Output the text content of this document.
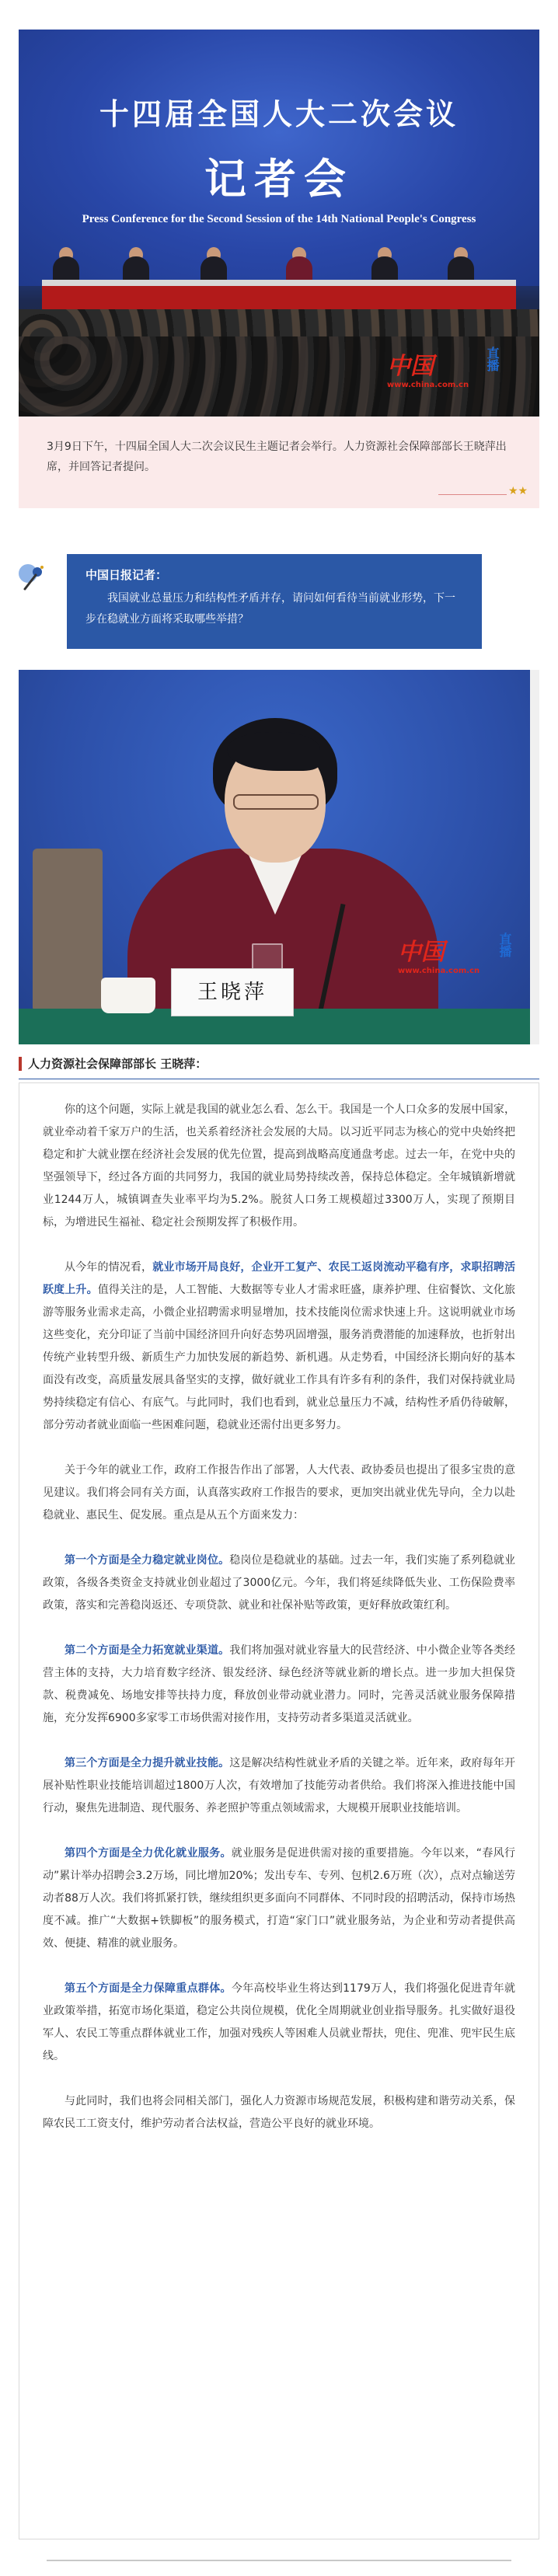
十四届全国人大二次会议
记者会
Press Conference for the Second Session of the 14th National People's Congress
中国
www.china.com.cn
直播

3月9日下午，十四届全国人大二次会议民生主题记者会举行。人力资源社会保障部部长王晓萍出席，并回答记者提问。

★★
中国日报记者：
我国就业总量压力和结构性矛盾并存，请问如何看待当前就业形势，下一步在稳就业方面将采取哪些举措？
王晓萍
中国
www.china.com.cn
直播
人力资源社会保障部部长 王晓萍：

你的这个问题，实际上就是我国的就业怎么看、怎么干。我国是一个人口众多的发展中国家，就业牵动着千家万户的生活，也关系着经济社会发展的大局。以习近平同志为核心的党中央始终把稳定和扩大就业摆在经济社会发展的优先位置，提高到战略高度通盘考虑。过去一年，在党中央的坚强领导下，经过各方面的共同努力，我国的就业局势持续改善，保持总体稳定。全年城镇新增就业1244万人，城镇调查失业率平均为5.2%。脱贫人口务工规模超过3300万人，实现了预期目标，为增进民生福祉、稳定社会预期发挥了积极作用。

从今年的情况看，就业市场开局良好，企业开工复产、农民工返岗流动平稳有序，求职招聘活跃度上升。值得关注的是，人工智能、大数据等专业人才需求旺盛，康养护理、住宿餐饮、文化旅游等服务业需求走高，小微企业招聘需求明显增加，技术技能岗位需求快速上升。这说明就业市场这些变化，充分印证了当前中国经济回升向好态势巩固增强，服务消费潜能的加速释放，也折射出传统产业转型升级、新质生产力加快发展的新趋势、新机遇。从走势看，中国经济长期向好的基本面没有改变，高质量发展具备坚实的支撑，做好就业工作具有许多有利的条件，我们对保持就业局势持续稳定有信心、有底气。与此同时，我们也看到，就业总量压力不减，结构性矛盾仍待破解，部分劳动者就业面临一些困难问题，稳就业还需付出更多努力。

关于今年的就业工作，政府工作报告作出了部署，人大代表、政协委员也提出了很多宝贵的意见建议。我们将会同有关方面，认真落实政府工作报告的要求，更加突出就业优先导向，全力以赴稳就业、惠民生、促发展。重点是从五个方面来发力：

第一个方面是全力稳定就业岗位。稳岗位是稳就业的基础。过去一年，我们实施了系列稳就业政策，各级各类资金支持就业创业超过了3000亿元。今年，我们将延续降低失业、工伤保险费率政策，落实和完善稳岗返还、专项贷款、就业和社保补贴等政策，更好释放政策红利。

第二个方面是全力拓宽就业渠道。我们将加强对就业容量大的民营经济、中小微企业等各类经营主体的支持，大力培育数字经济、银发经济、绿色经济等就业新的增长点。进一步加大担保贷款、税费减免、场地安排等扶持力度，释放创业带动就业潜力。同时，完善灵活就业服务保障措施，充分发挥6900多家零工市场供需对接作用，支持劳动者多渠道灵活就业。

第三个方面是全力提升就业技能。这是解决结构性就业矛盾的关键之举。近年来，政府每年开展补贴性职业技能培训超过1800万人次，有效增加了技能劳动者供给。我们将深入推进技能中国行动，聚焦先进制造、现代服务、养老照护等重点领域需求，大规模开展职业技能培训。

第四个方面是全力优化就业服务。就业服务是促进供需对接的重要措施。今年以来，“春风行动”累计举办招聘会3.2万场，同比增加20%；发出专车、专列、包机2.6万班（次），点对点输送劳动者88万人次。我们将抓紧打铁，继续组织更多面向不同群体、不同时段的招聘活动，保持市场热度不减。推广“大数据+铁脚板”的服务模式，打造“家门口”就业服务站，为企业和劳动者提供高效、便捷、精准的就业服务。

第五个方面是全力保障重点群体。今年高校毕业生将达到1179万人，我们将强化促进青年就业政策举措，拓宽市场化渠道，稳定公共岗位规模，优化全周期就业创业指导服务。扎实做好退役军人、农民工等重点群体就业工作，加强对残疾人等困难人员就业帮扶，兜住、兜准、兜牢民生底线。

与此同时，我们也将会同相关部门，强化人力资源市场规范发展，积极构建和谐劳动关系，保障农民工工资支付，维护劳动者合法权益，营造公平良好的就业环境。
